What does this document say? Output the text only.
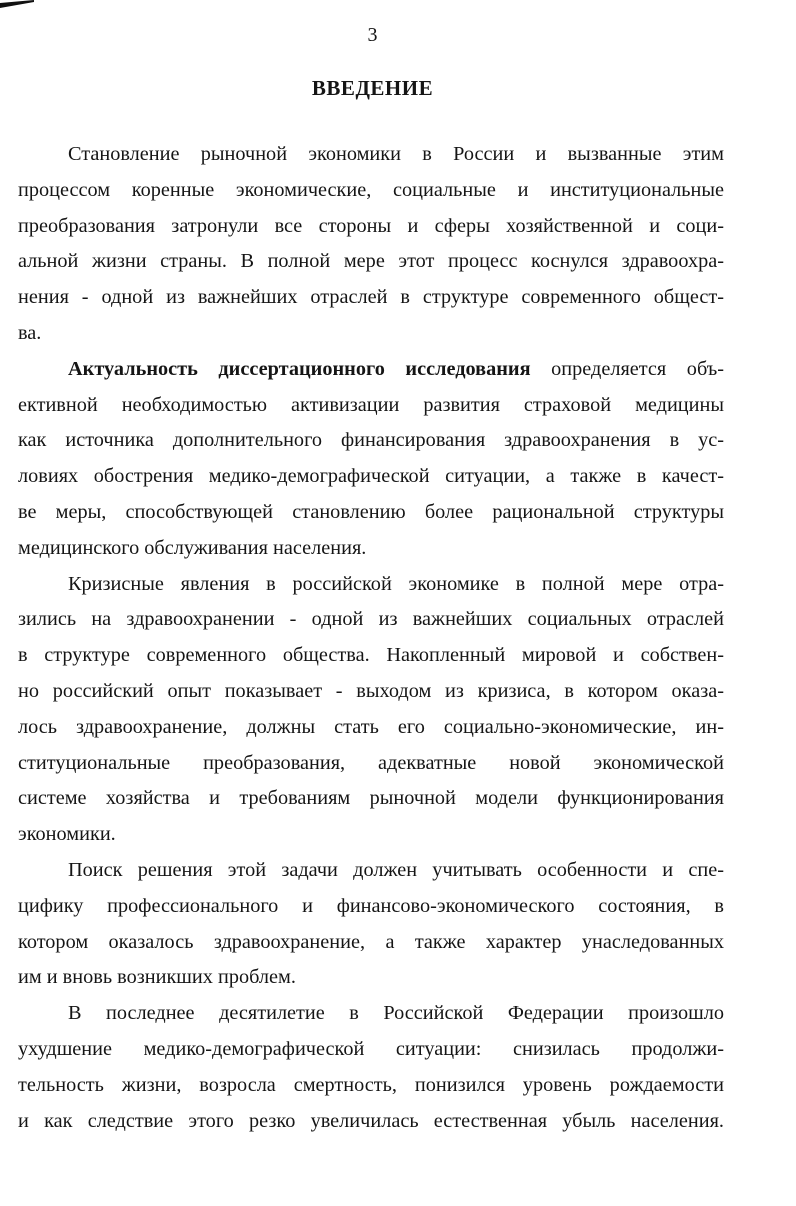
3
ВВЕДЕНИЕ
Становление рыночной экономики в России и вызванные этим
процессом коренные экономические, социальные и институциональные
преобразования затронули все стороны и сферы хозяйственной и соци-
альной жизни страны. В полной мере этот процесс коснулся здравоохра-
нения - одной из важнейших отраслей в структуре современного общест-
ва.
Актуальность диссертационного исследования определяется объ-
ективной необходимостью активизации развития страховой медицины
как источника дополнительного финансирования здравоохранения в ус-
ловиях обострения медико-демографической ситуации, а также в качест-
ве меры, способствующей становлению более рациональной структуры
медицинского обслуживания населения.
Кризисные явления в российской экономике в полной мере отра-
зились на здравоохранении - одной из важнейших социальных отраслей
в структуре современного общества. Накопленный мировой и собствен-
но российский опыт показывает - выходом из кризиса, в котором оказа-
лось здравоохранение, должны стать его социально-экономические, ин-
ституциональные преобразования, адекватные новой экономической
системе хозяйства и требованиям рыночной модели функционирования
экономики.
Поиск решения этой задачи должен учитывать особенности и спе-
цифику профессионального и финансово-экономического состояния, в
котором оказалось здравоохранение, а также характер унаследованных
им и вновь возникших проблем.
В последнее десятилетие в Российской Федерации произошло
ухудшение медико-демографической ситуации: снизилась продолжи-
тельность жизни, возросла смертность, понизился уровень рождаемости
и как следствие этого резко увеличилась естественная убыль населения.
